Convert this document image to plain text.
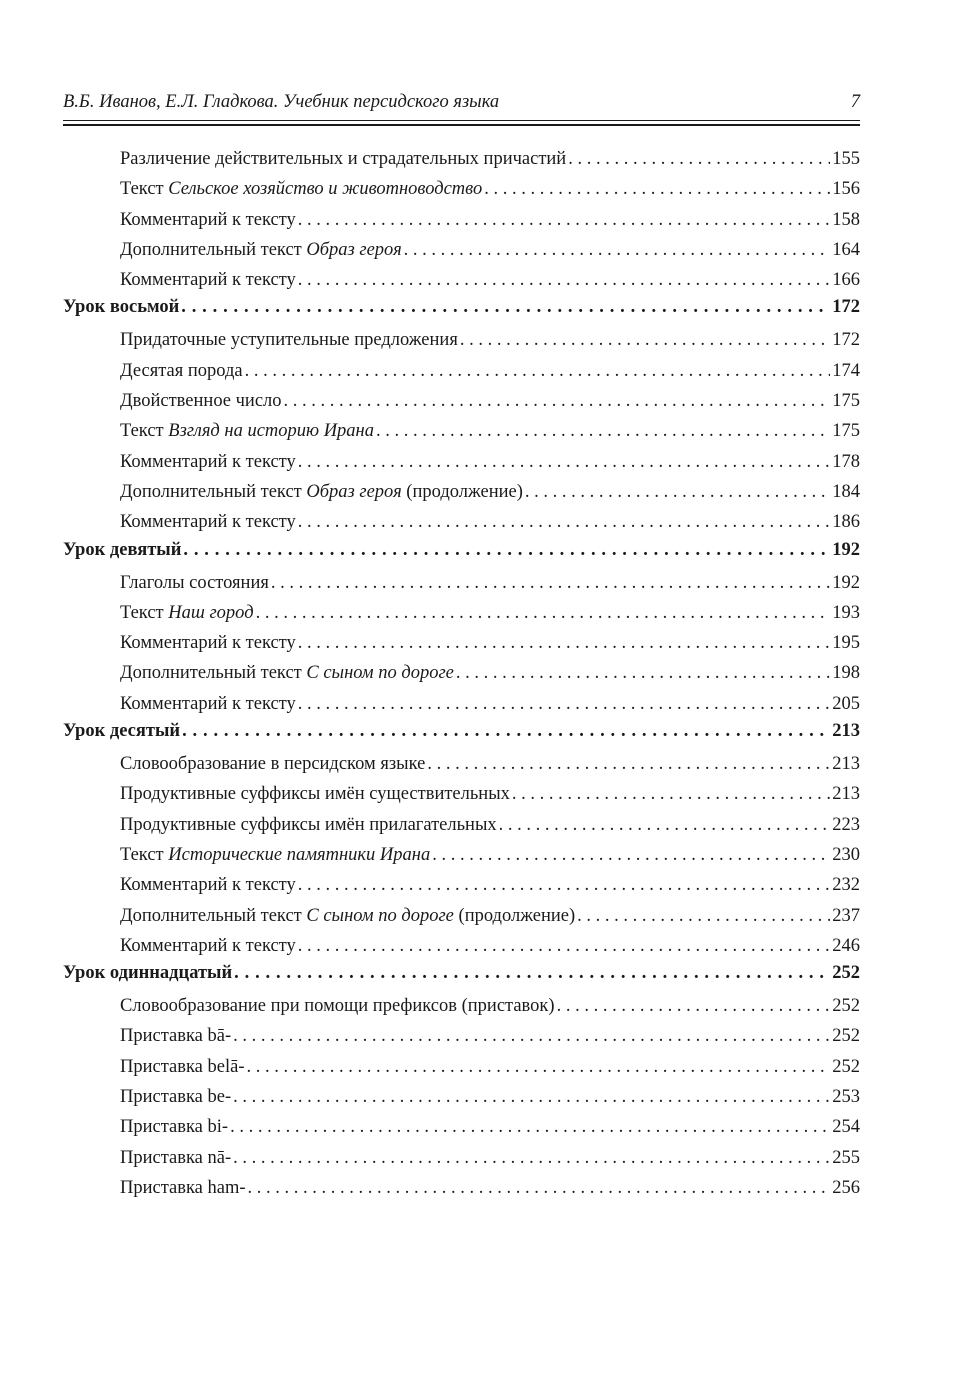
В.Б. Иванов, Е.Л. Гладкова. Учебник персидского языка	7
Различение действительных и страдательных причастий . . .	155
Текст Сельское хозяйство и животноводство . . .	156
Комментарий к тексту . . .	158
Дополнительный текст Образ героя . . .	164
Комментарий к тексту . . .	166
Урок восьмой . . .	172
Придаточные уступительные предложения . . .	172
Десятая порода . . .	174
Двойственное число . . .	175
Текст Взгляд на историю Ирана . . .	175
Комментарий к тексту . . .	178
Дополнительный текст Образ героя (продолжение) . . .	184
Комментарий к тексту . . .	186
Урок девятый . . .	192
Глаголы состояния . . .	192
Текст Наш город . . .	193
Комментарий к тексту . . .	195
Дополнительный текст С сыном по дороге . . .	198
Комментарий к тексту . . .	205
Урок десятый . . .	213
Словообразование в персидском языке . . .	213
Продуктивные суффиксы имён существительных . . .	213
Продуктивные суффиксы имён прилагательных . . .	223
Текст Исторические памятники Ирана . . .	230
Комментарий к тексту . . .	232
Дополнительный текст С сыном по дороге (продолжение) . . .	237
Комментарий к тексту . . .	246
Урок одиннадцатый . . .	252
Словообразование при помощи префиксов (приставок) . . .	252
Приставка bā- . . .	252
Приставка belā- . . .	252
Приставка be- . . .	253
Приставка bi- . . .	254
Приставка nā- . . .	255
Приставка ham- . . .	256
